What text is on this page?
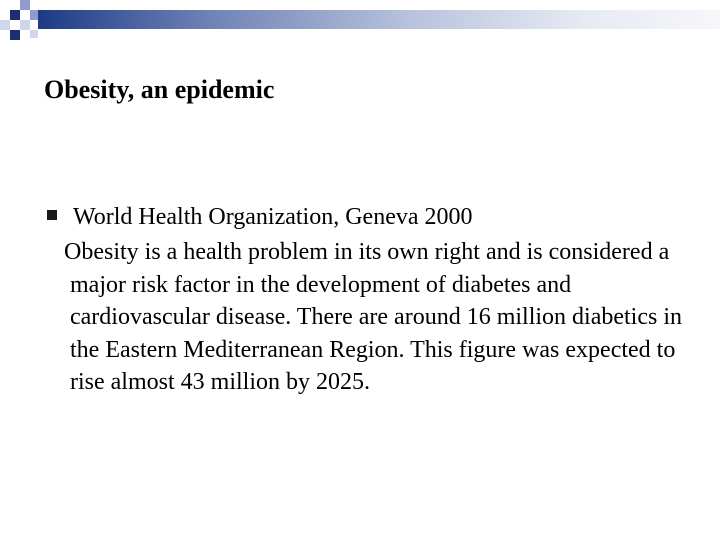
Obesity, an epidemic
World Health Organization, Geneva 2000

Obesity is a health problem in its own right and is considered a major risk factor in the development of diabetes and cardiovascular disease. There are around 16 million diabetics in the Eastern Mediterranean Region. This figure was expected to rise almost 43 million by 2025.
